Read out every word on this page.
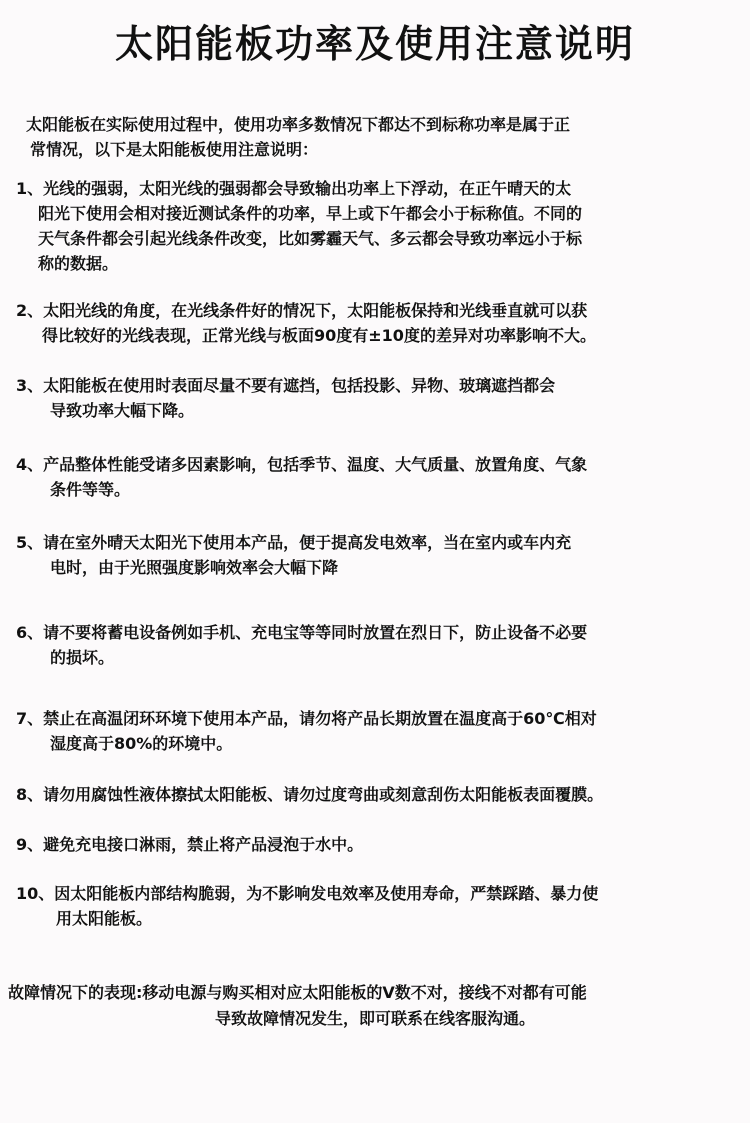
太阳能板功率及使用注意说明
太阳能板在实际使用过程中，使用功率多数情况下都达不到标称功率是属于正
常情况，以下是太阳能板使用注意说明：
1、光线的强弱，太阳光线的强弱都会导致输出功率上下浮动，在正午晴天的太
阳光下使用会相对接近测试条件的功率，早上或下午都会小于标称值。不同的
天气条件都会引起光线条件改变，比如雾霾天气、多云都会导致功率远小于标
称的数据。
2、太阳光线的角度，在光线条件好的情况下，太阳能板保持和光线垂直就可以获
得比较好的光线表现，正常光线与板面90度有±10度的差异对功率影响不大。
3、太阳能板在使用时表面尽量不要有遮挡，包括投影、异物、玻璃遮挡都会
导致功率大幅下降。
4、产品整体性能受诸多因素影响，包括季节、温度、大气质量、放置角度、气象
条件等等。
5、请在室外晴天太阳光下使用本产品，便于提高发电效率，当在室内或车内充
电时，由于光照强度影响效率会大幅下降
6、请不要将蓄电设备例如手机、充电宝等等同时放置在烈日下，防止设备不必要
的损坏。
7、禁止在高温闭环环境下使用本产品，请勿将产品长期放置在温度高于60℃相对
湿度高于80%的环境中。
8、请勿用腐蚀性液体擦拭太阳能板、请勿过度弯曲或刻意刮伤太阳能板表面覆膜。
9、避免充电接口淋雨，禁止将产品浸泡于水中。
10、因太阳能板内部结构脆弱，为不影响发电效率及使用寿命，严禁踩踏、暴力使
用太阳能板。
故障情况下的表现:移动电源与购买相对应太阳能板的V数不对，接线不对都有可能
导致故障情况发生，即可联系在线客服沟通。
